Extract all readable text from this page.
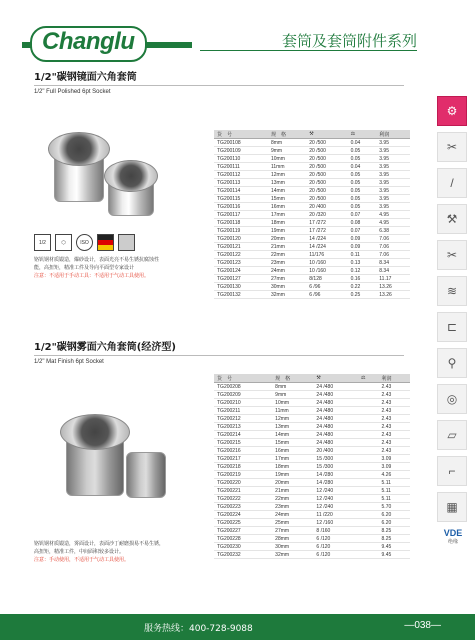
Changlu	套筒及套筒附件系列
1/2"碳钢镜面六角套筒
1/2" Full Polished 6pt Socket
1/2	⬡	ISO
铬钒钢材质锻造，爆砂设计，表面光亮不易生锈抗腐蚀性能，高扭矩，精准工件及导向平面型专家设计
注意：不适用于手动工具：不适用于气动工具使用。
货　号	规　格	⚒	⚖	利润
TG200108	8mm	20 /500	0.04	3.95
TG200109	9mm	20 /500	0.05	3.95
TG200110	10mm	20 /500	0.05	3.95
TG200111	11mm	20 /500	0.04	3.95
TG200112	12mm	20 /500	0.05	3.95
TG200113	13mm	20 /500	0.05	3.95
TG200114	14mm	20 /500	0.05	3.95
TG200115	15mm	20 /500	0.05	3.95
TG200116	16mm	20 /400	0.05	3.95
TG200117	17mm	20 /320	0.07	4.95
TG200118	18mm	17 /272	0.08	4.95
TG200119	19mm	17 /272	0.07	6.38
TG200120	20mm	14 /224	0.09	7.06
TG200121	21mm	14 /224	0.09	7.06
TG200122	22mm	11/176	0.11	7.06
TG200123	23mm	10 /160	0.13	8.34
TG200124	24mm	10 /160	0.12	8.34
TG200127	27mm	8/128	0.16	11.17
TG200130	30mm	6 /96	0.22	13.26
TG200132	32mm	6 /96	0.25	13.26
1/2"碳钢雾面六角套筒(经济型)
1/2" Mat Finish 6pt Socket
铬钒钢材质锻造，雾面设计，表面沙丁耐磨损易不易生锈，高扭矩，精准工件，中间面积较多设计。
注意：手动使用，不适用于气动工具使用。
货　号	规　格	⚒	⚖	利润
TG200208	8mm	24 /480		2.43
TG200209	9mm	24 /480		2.43
TG200210	10mm	24 /480		2.43
TG200211	11mm	24 /480		2.43
TG200212	12mm	24 /480		2.43
TG200213	13mm	24 /480		2.43
TG200214	14mm	24 /480		2.43
TG200215	15mm	24 /480		2.43
TG200216	16mm	20 /400		2.43
TG200217	17mm	15 /300		3.09
TG200218	18mm	15 /300		3.09
TG200219	19mm	14 /280		4.26
TG200220	20mm	14 /280		5.11
TG200221	21mm	12 /240		5.11
TG200222	22mm	12 /240		5.11
TG200223	23mm	12 /240		5.70
TG200224	24mm	11 /220		6.20
TG200225	25mm	12 /160		6.20
TG200227	27mm	8 /160		8.25
TG200228	28mm	6 /120		8.25
TG200230	30mm	6 /120		9.45
TG200232	32mm	6 /120		9.45
⚙
✂
/
⚒
✂
≋
⊏
⚲
◎
▱
⌐
▦
VDE
绝缘
服务热线：400-728-9088	—038—
